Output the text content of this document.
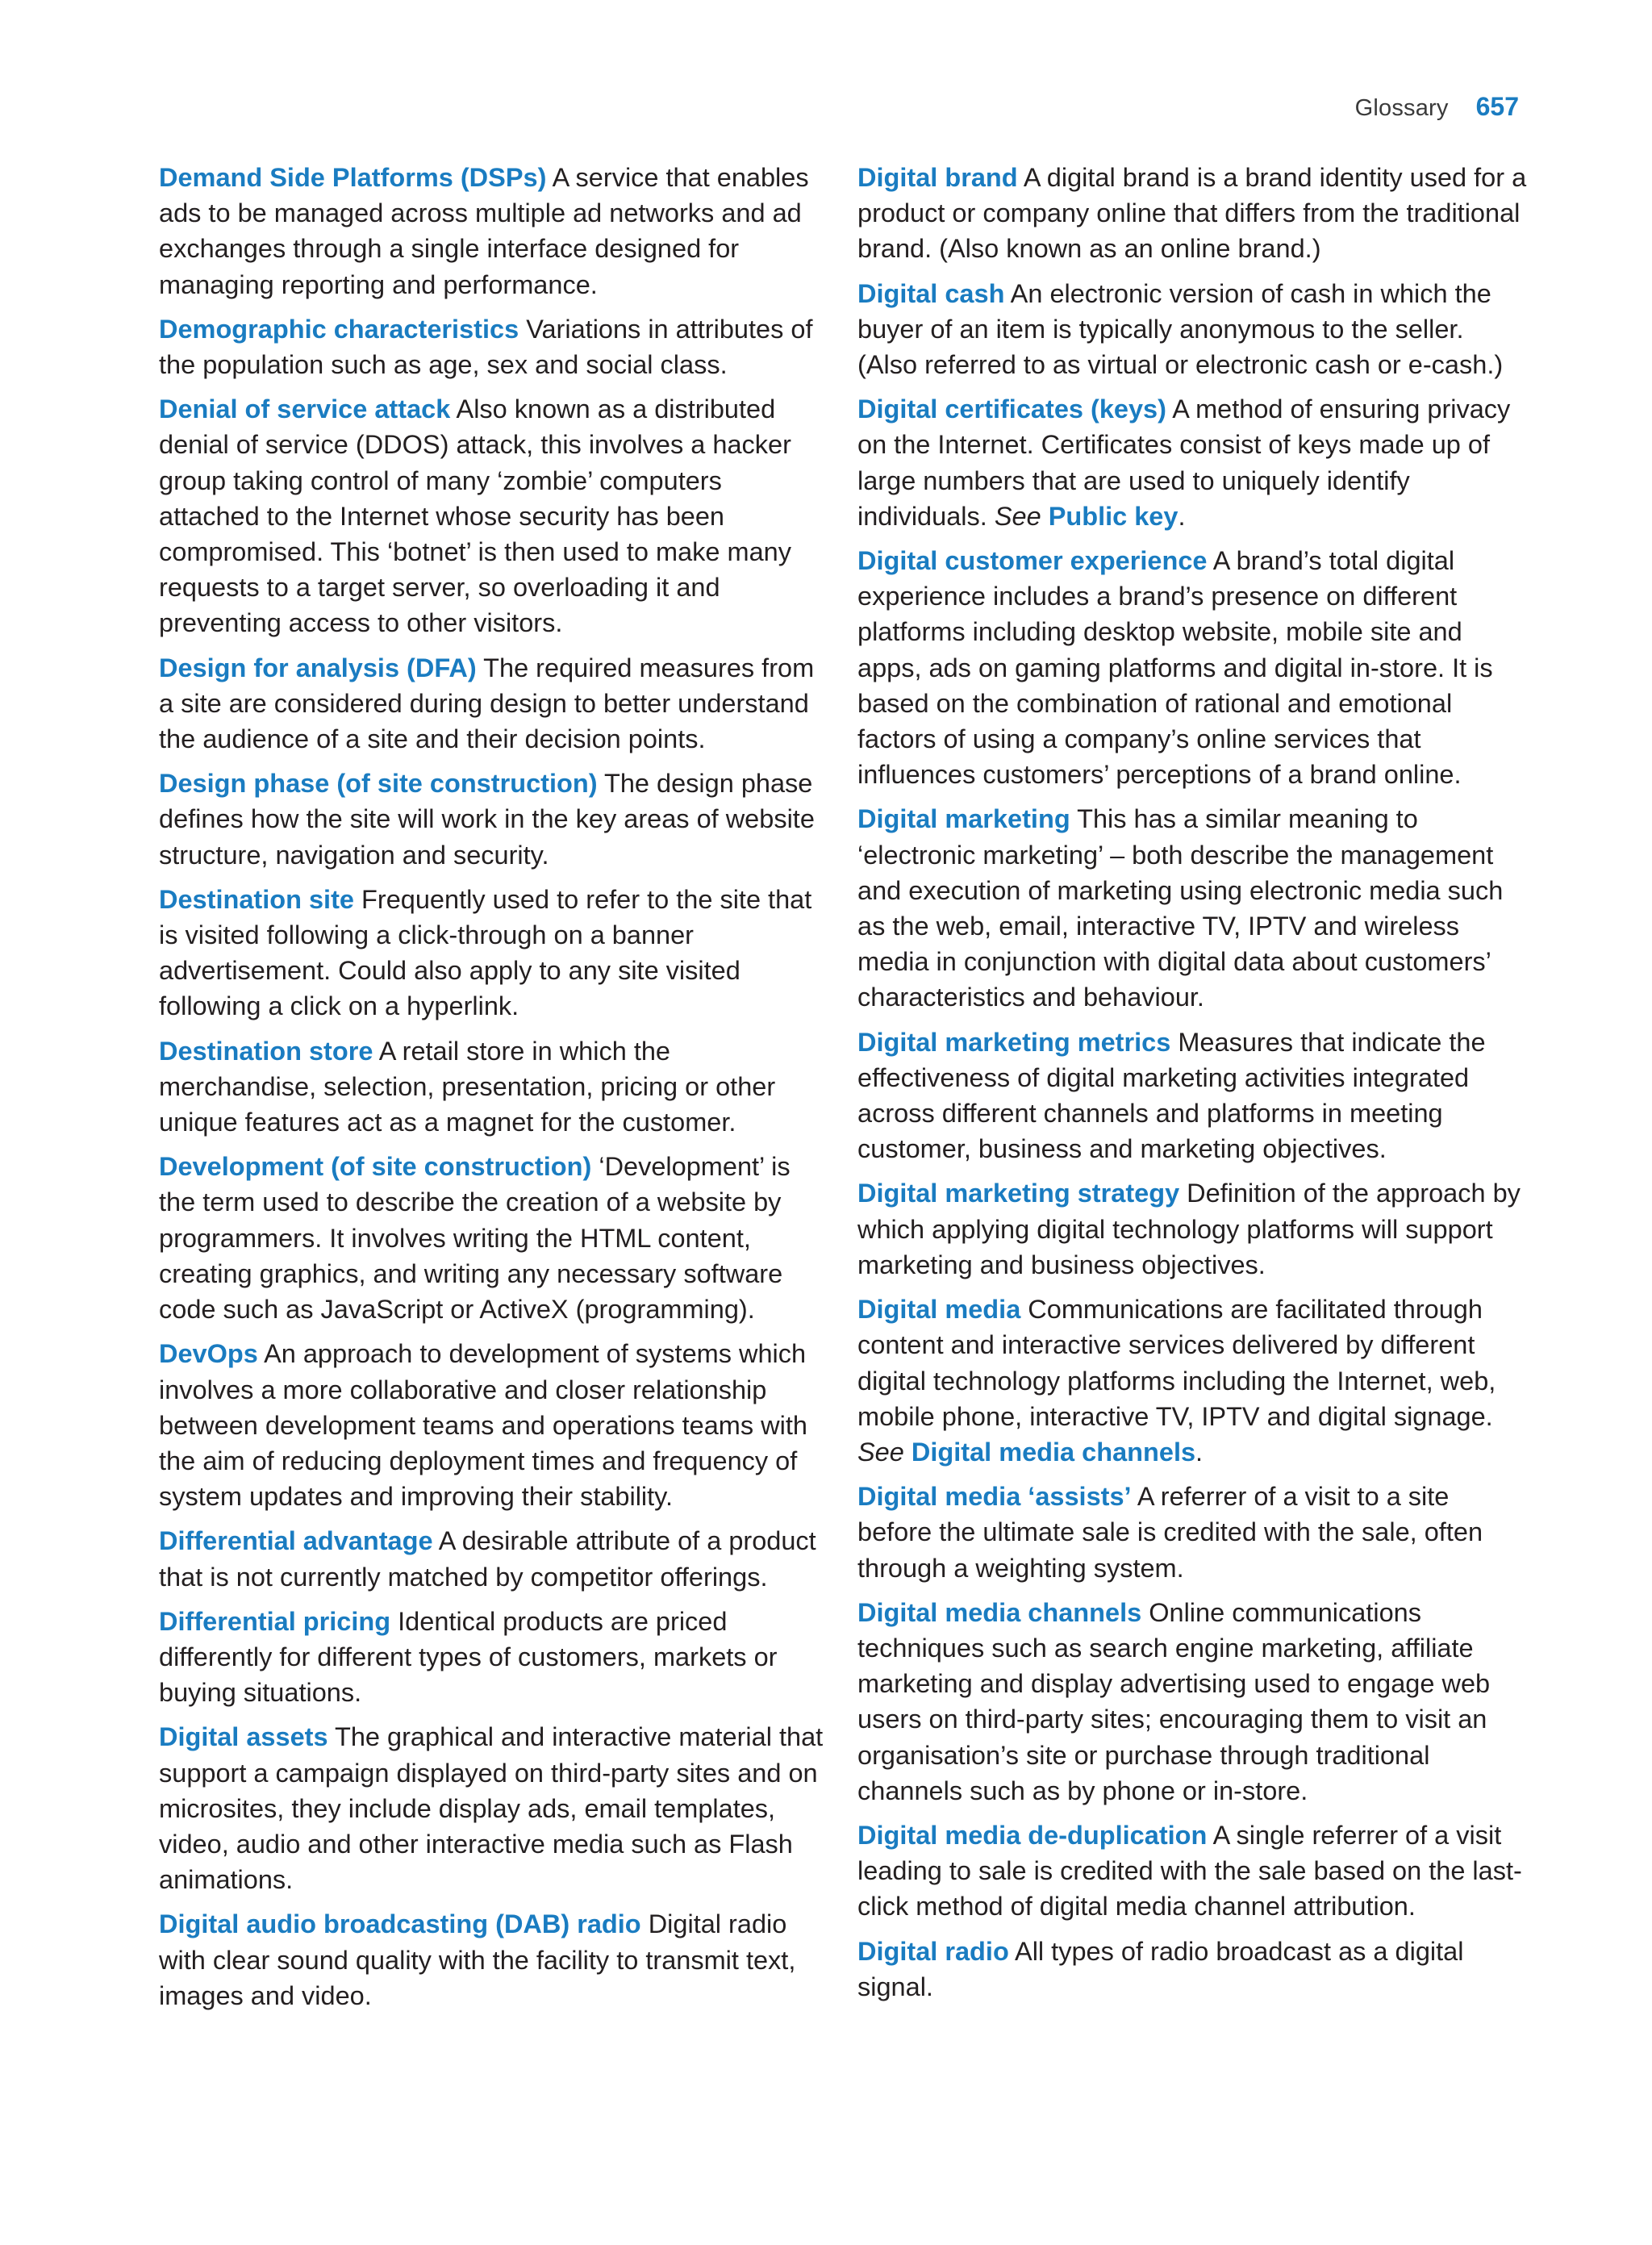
Glossary 657

Demand Side Platforms (DSPs) A service that enables ads to be managed across multiple ad networks and ad exchanges through a single interface designed for managing reporting and performance.

Demographic characteristics Variations in attributes of the population such as age, sex and social class.

Denial of service attack Also known as a distributed denial of service (DDOS) attack, this involves a hacker group taking control of many ‘zombie’ computers attached to the Internet whose security has been compromised. This ‘botnet’ is then used to make many requests to a target server, so overloading it and preventing access to other visitors.

Design for analysis (DFA) The required measures from a site are considered during design to better understand the audience of a site and their decision points.

Design phase (of site construction) The design phase defines how the site will work in the key areas of website structure, navigation and security.

Destination site Frequently used to refer to the site that is visited following a click-through on a banner advertisement. Could also apply to any site visited following a click on a hyperlink.

Destination store A retail store in which the merchandise, selection, presentation, pricing or other unique features act as a magnet for the customer.

Development (of site construction) ‘Development’ is the term used to describe the creation of a website by programmers. It involves writing the HTML content, creating graphics, and writing any necessary software code such as JavaScript or ActiveX (programming).

DevOps An approach to development of systems which involves a more collaborative and closer relationship between development teams and operations teams with the aim of reducing deployment times and frequency of system updates and improving their stability.

Differential advantage A desirable attribute of a product that is not currently matched by competitor offerings.

Differential pricing Identical products are priced differently for different types of customers, markets or buying situations.

Digital assets The graphical and interactive material that support a campaign displayed on third-party sites and on microsites, they include display ads, email templates, video, audio and other interactive media such as Flash animations.

Digital audio broadcasting (DAB) radio Digital radio with clear sound quality with the facility to transmit text, images and video.

Digital brand A digital brand is a brand identity used for a product or company online that differs from the traditional brand. (Also known as an online brand.)

Digital cash An electronic version of cash in which the buyer of an item is typically anonymous to the seller. (Also referred to as virtual or electronic cash or e-cash.)

Digital certificates (keys) A method of ensuring privacy on the Internet. Certificates consist of keys made up of large numbers that are used to uniquely identify individuals. See Public key.

Digital customer experience A brand’s total digital experience includes a brand’s presence on different platforms including desktop website, mobile site and apps, ads on gaming platforms and digital in-store. It is based on the combination of rational and emotional factors of using a company’s online services that influences customers’ perceptions of a brand online.

Digital marketing This has a similar meaning to ‘electronic marketing’ – both describe the management and execution of marketing using electronic media such as the web, email, interactive TV, IPTV and wireless media in conjunction with digital data about customers’ characteristics and behaviour.

Digital marketing metrics Measures that indicate the effectiveness of digital marketing activities integrated across different channels and platforms in meeting customer, business and marketing objectives.

Digital marketing strategy Definition of the approach by which applying digital technology platforms will support marketing and business objectives.

Digital media Communications are facilitated through content and interactive services delivered by different digital technology platforms including the Internet, web, mobile phone, interactive TV, IPTV and digital signage. See Digital media channels.

Digital media ‘assists’ A referrer of a visit to a site before the ultimate sale is credited with the sale, often through a weighting system.

Digital media channels Online communications techniques such as search engine marketing, affiliate marketing and display advertising used to engage web users on third-party sites; encouraging them to visit an organisation’s site or purchase through traditional channels such as by phone or in-store.

Digital media de-duplication A single referrer of a visit leading to sale is credited with the sale based on the last-click method of digital media channel attribution.

Digital radio All types of radio broadcast as a digital signal.
